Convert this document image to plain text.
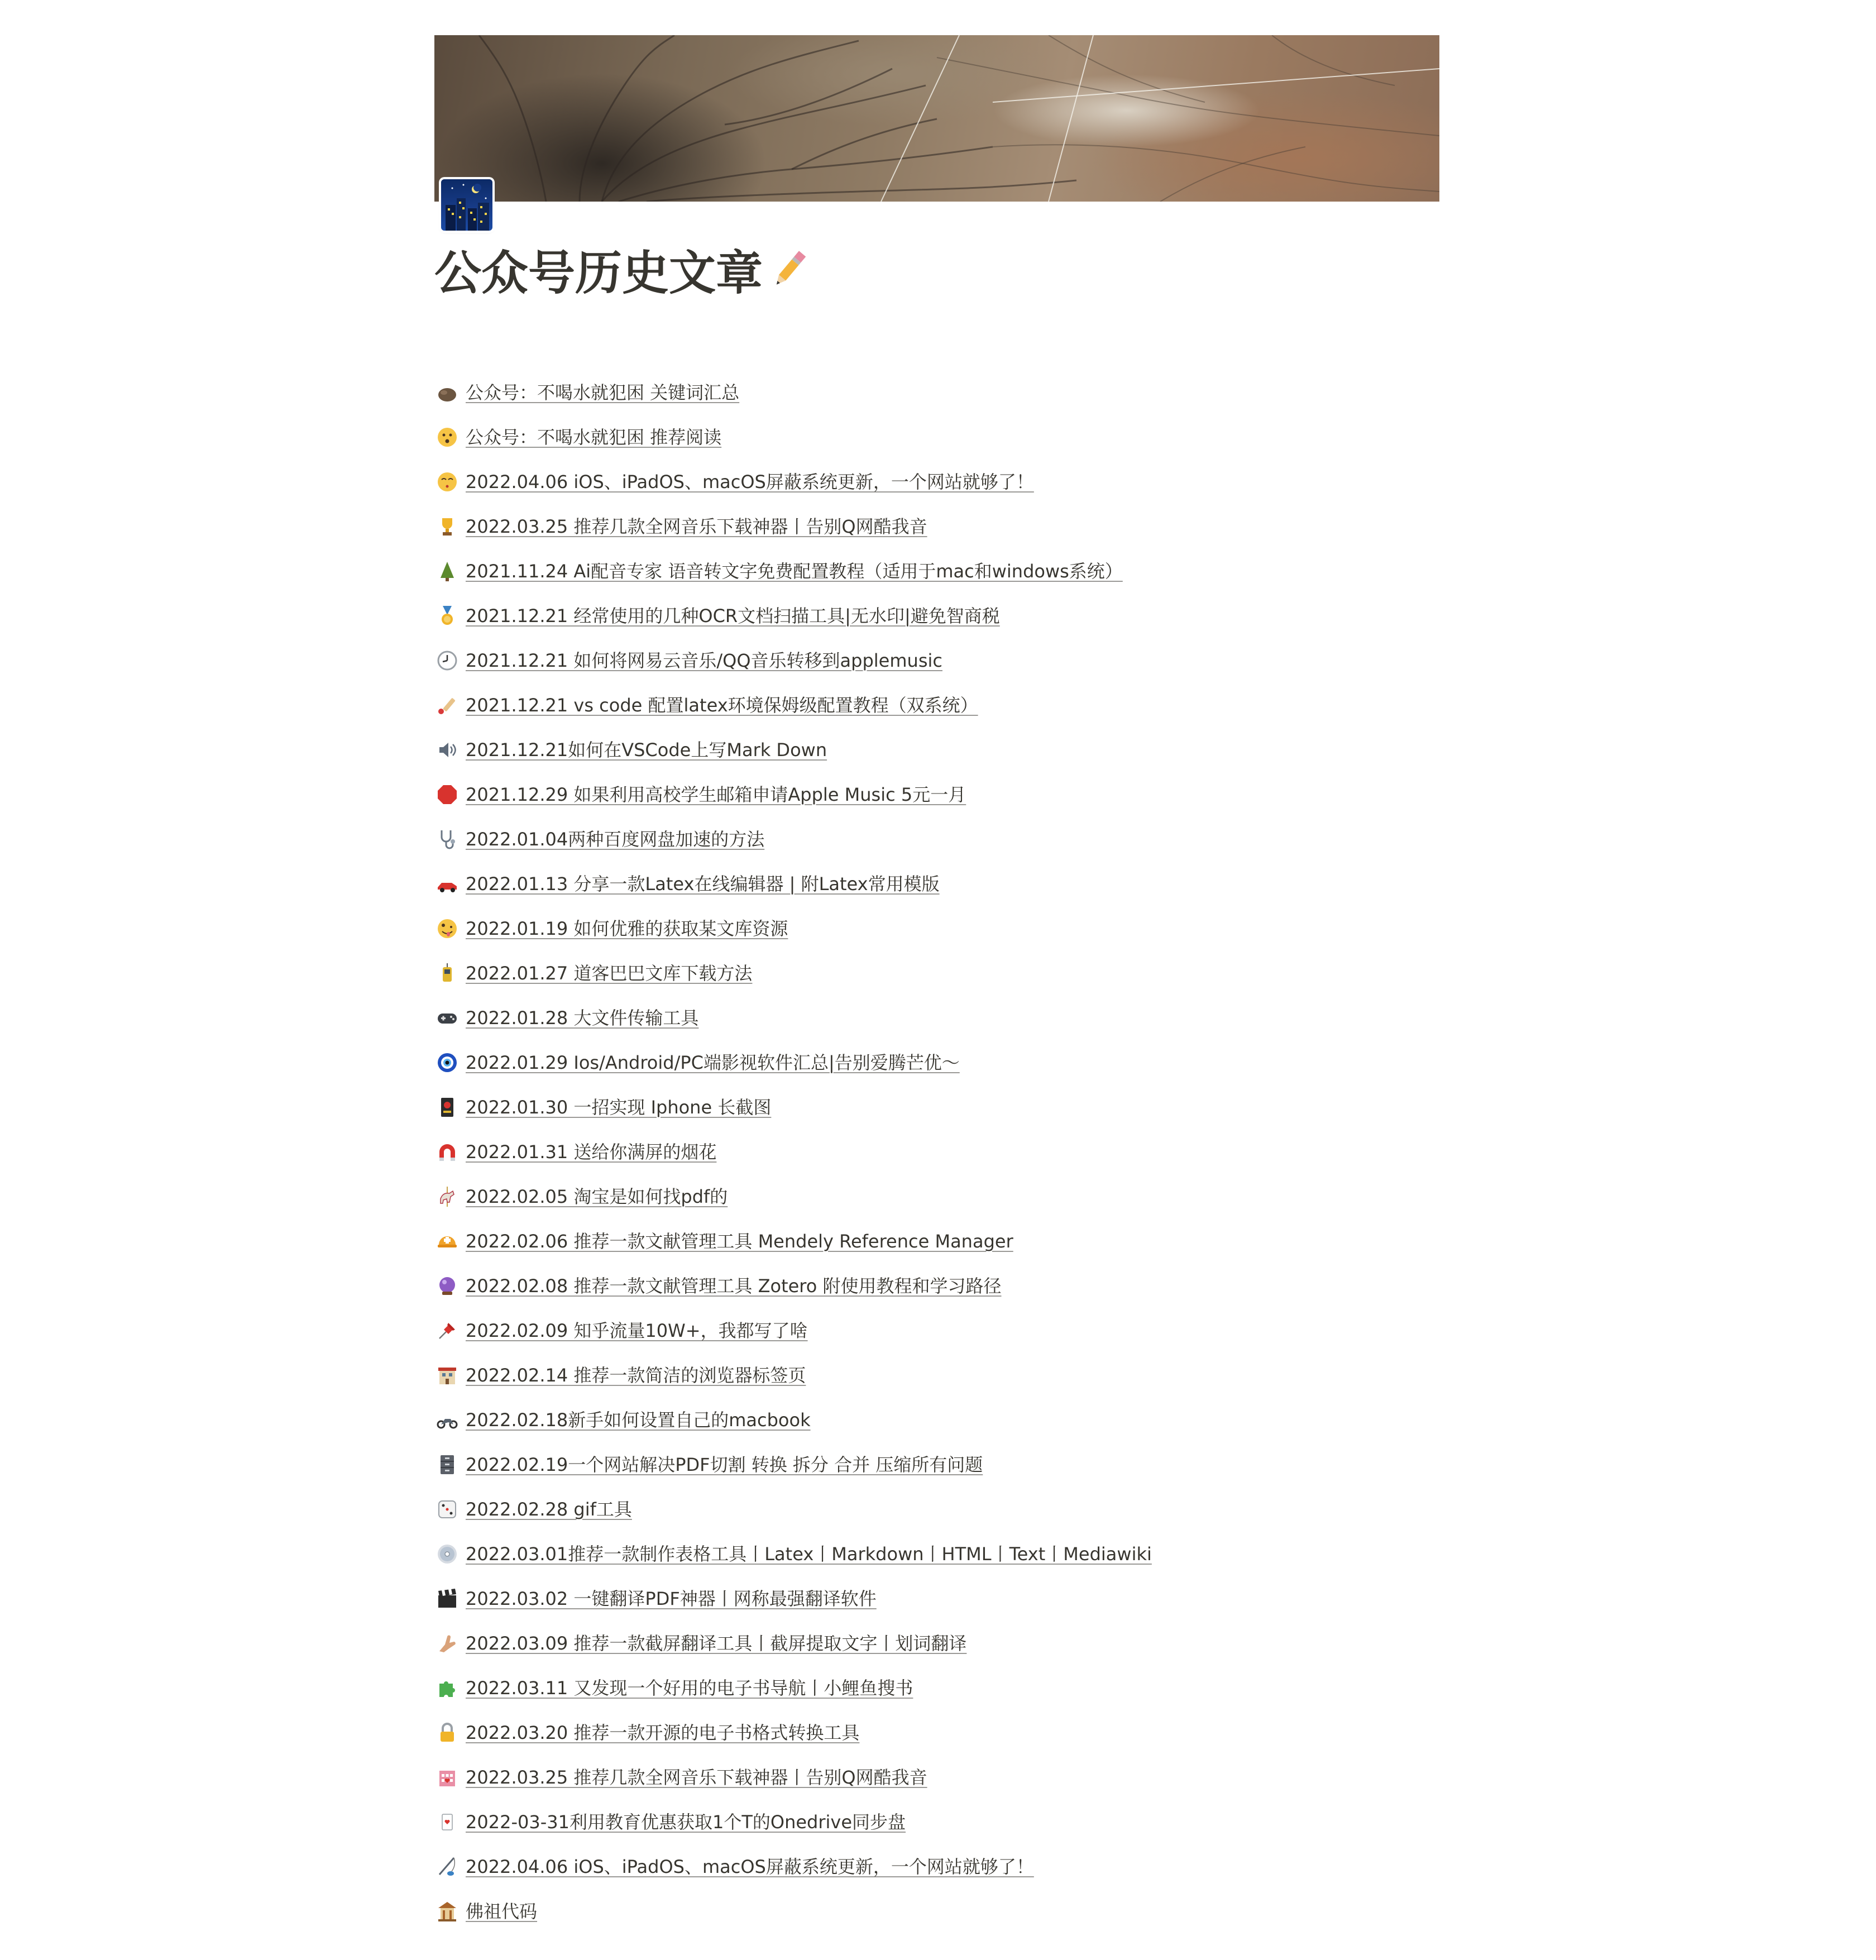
公众号历史文章
公众号：不喝水就犯困 关键词汇总
公众号：不喝水就犯困 推荐阅读
2022.04.06 iOS、iPadOS、macOS屏蔽系统更新，一个网站就够了！
2022.03.25 推荐几款全网音乐下载神器丨告别Q网酷我音
2021.11.24 Ai配音专家 语音转文字免费配置教程（适用于mac和windows系统）
2021.12.21 经常使用的几种OCR文档扫描工具|无水印|避免智商税
2021.12.21 如何将网易云音乐/QQ音乐转移到applemusic
2021.12.21 vs code 配置latex环境保姆级配置教程（双系统）
2021.12.21如何在VSCode上写Mark Down
2021.12.29 如果利用高校学生邮箱申请Apple Music 5元一月
2022.01.04两种百度网盘加速的方法
2022.01.13 分享一款Latex在线编辑器 | 附Latex常用模版
2022.01.19 如何优雅的获取某文库资源
2022.01.27 道客巴巴文库下载方法
2022.01.28 大文件传输工具
2022.01.29 Ios/Android/PC端影视软件汇总|告别爱腾芒优～
2022.01.30 一招实现 Iphone 长截图
2022.01.31 送给你满屏的烟花
2022.02.05 淘宝是如何找pdf的
2022.02.06 推荐一款文献管理工具 Mendely Reference Manager
2022.02.08 推荐一款文献管理工具 Zotero 附使用教程和学习路径
2022.02.09 知乎流量10W+，我都写了啥
2022.02.14 推荐一款简洁的浏览器标签页
2022.02.18新手如何设置自己的macbook
2022.02.19一个网站解决PDF切割 转换 拆分 合并 压缩所有问题
2022.02.28 gif工具
2022.03.01推荐一款制作表格工具丨Latex丨Markdown丨HTML丨Text丨Mediawiki
2022.03.02 一键翻译PDF神器丨网称最强翻译软件
2022.03.09 推荐一款截屏翻译工具丨截屏提取文字丨划词翻译
2022.03.11 又发现一个好用的电子书导航丨小鲤鱼搜书
2022.03.20 推荐一款开源的电子书格式转换工具
2022.03.25 推荐几款全网音乐下载神器丨告别Q网酷我音
2022-03-31利用教育优惠获取1个T的Onedrive同步盘
2022.04.06 iOS、iPadOS、macOS屏蔽系统更新，一个网站就够了！
佛祖代码
